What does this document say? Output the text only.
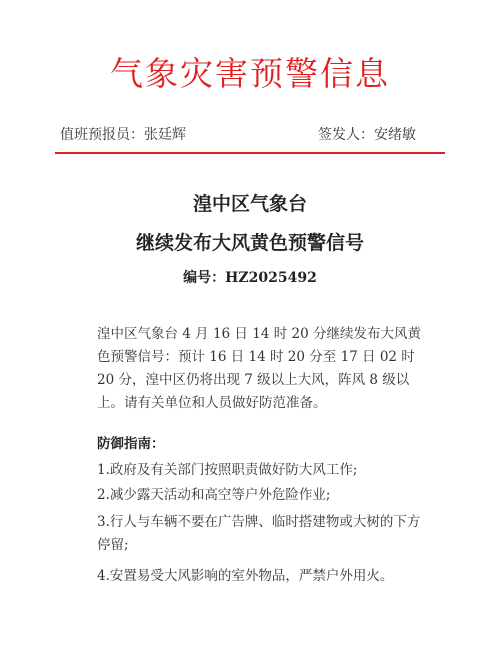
气象灾害预警信息
值班预报员：张廷辉	签发人：安绪敏
湟中区气象台
继续发布大风黄色预警信号
编号：HZ2025492
湟中区气象台 4 月 16 日 14 时 20 分继续发布大风黄色预警信号：预计 16 日 14 时 20 分至 17 日 02 时 20 分，湟中区仍将出现 7 级以上大风，阵风 8 级以上。请有关单位和人员做好防范准备。
防御指南：
1.政府及有关部门按照职责做好防大风工作;
2.减少露天活动和高空等户外危险作业;
3.行人与车辆不要在广告牌、临时搭建物或大树的下方停留;
4.安置易受大风影响的室外物品，严禁户外用火。
